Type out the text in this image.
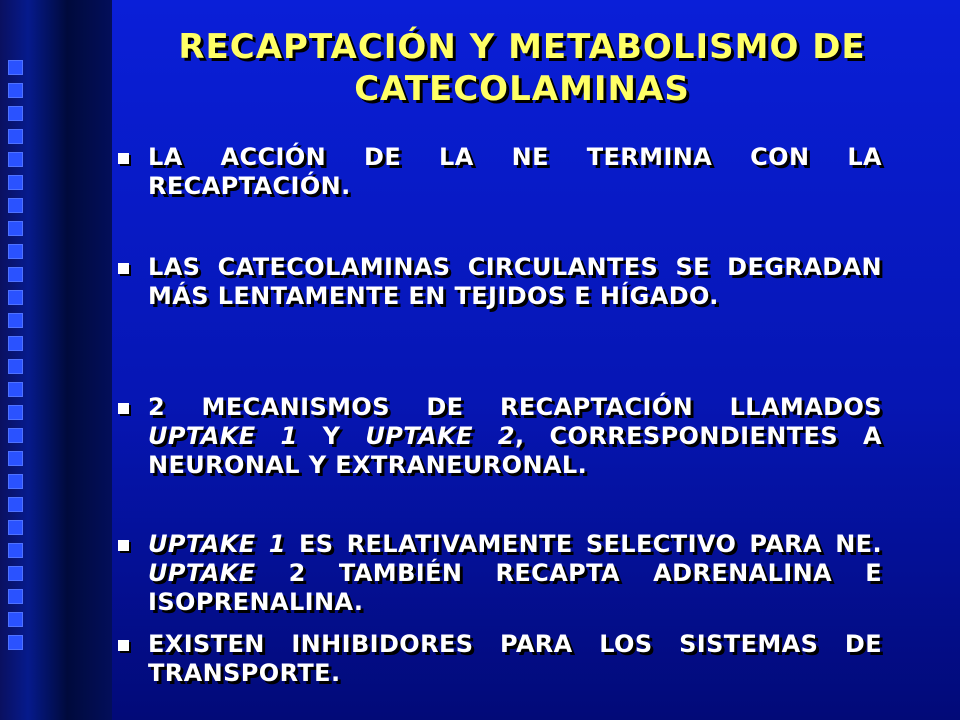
RECAPTACIÓN Y METABOLISMO DE
CATECOLAMINAS
LA ACCIÓN DE LA NE TERMINA CON LA RECAPTACIÓN.
LAS CATECOLAMINAS CIRCULANTES SE DEGRADAN MÁS LENTAMENTE EN TEJIDOS E HÍGADO.
2 MECANISMOS DE RECAPTACIÓN LLAMADOS UPTAKE 1 Y UPTAKE 2, CORRESPONDIENTES A NEURONAL Y EXTRANEURONAL.
UPTAKE 1 ES RELATIVAMENTE SELECTIVO PARA NE. UPTAKE 2 TAMBIÉN RECAPTA ADRENALINA E ISOPRENALINA.
EXISTEN INHIBIDORES PARA LOS SISTEMAS DE TRANSPORTE.
